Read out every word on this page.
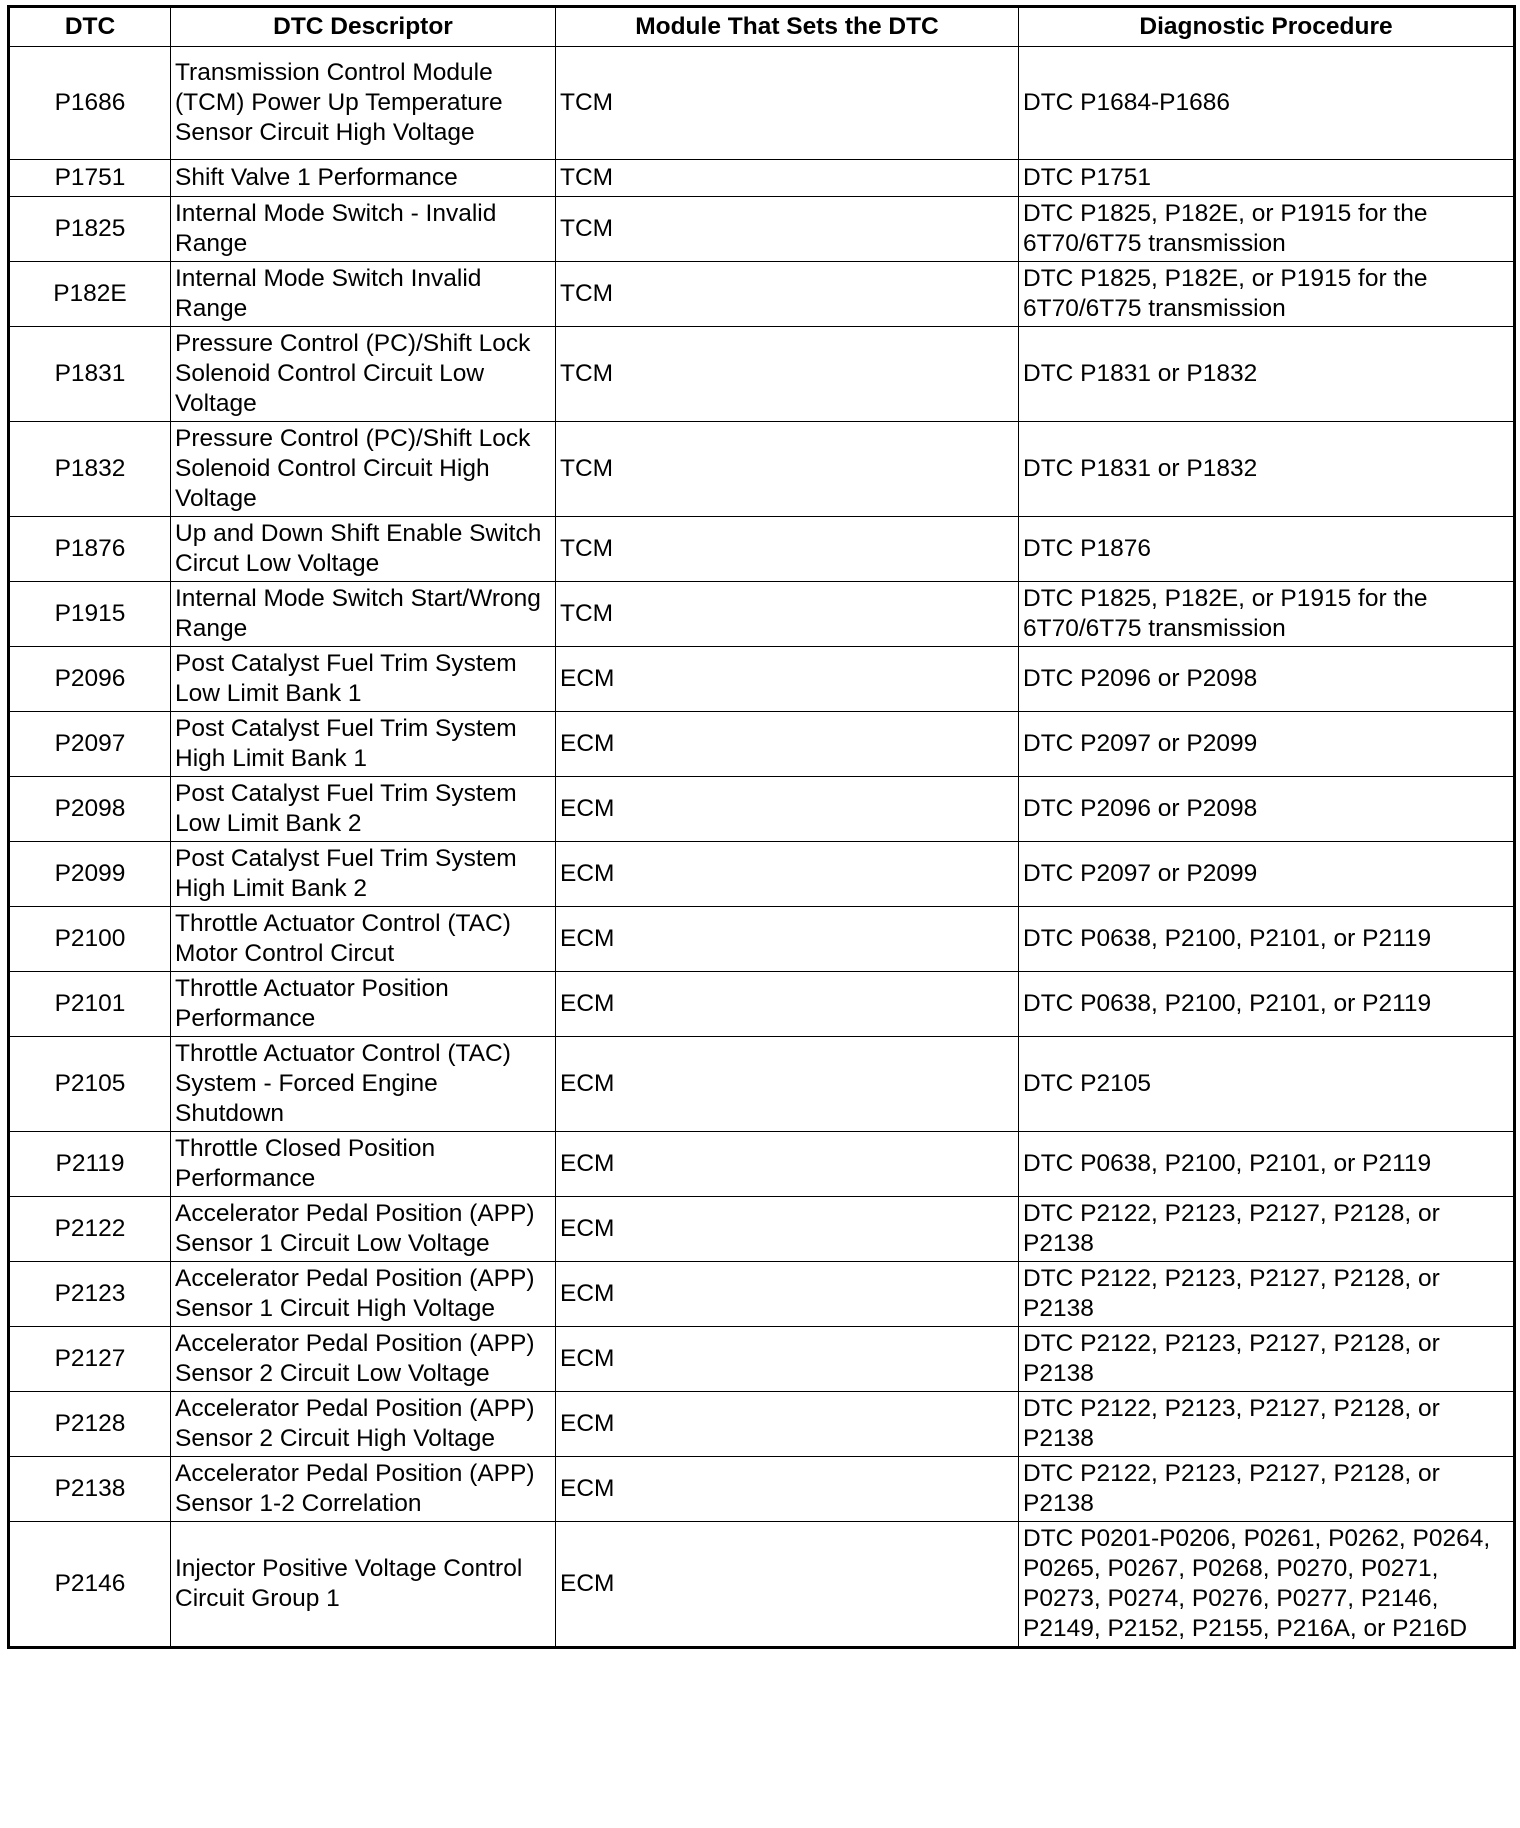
DTC	DTC Descriptor	Module That Sets the DTC	Diagnostic Procedure
P1686	Transmission Control Module (TCM) Power Up Temperature Sensor Circuit High Voltage	TCM	DTC P1684-P1686
P1751	Shift Valve 1 Performance	TCM	DTC P1751
P1825	Internal Mode Switch - Invalid Range	TCM	DTC P1825, P182E, or P1915 for the 6T70/6T75 transmission
P182E	Internal Mode Switch Invalid Range	TCM	DTC P1825, P182E, or P1915 for the 6T70/6T75 transmission
P1831	Pressure Control (PC)/Shift Lock Solenoid Control Circuit Low Voltage	TCM	DTC P1831 or P1832
P1832	Pressure Control (PC)/Shift Lock Solenoid Control Circuit High Voltage	TCM	DTC P1831 or P1832
P1876	Up and Down Shift Enable Switch Circut Low Voltage	TCM	DTC P1876
P1915	Internal Mode Switch Start/Wrong Range	TCM	DTC P1825, P182E, or P1915 for the 6T70/6T75 transmission
P2096	Post Catalyst Fuel Trim System Low Limit Bank 1	ECM	DTC P2096 or P2098
P2097	Post Catalyst Fuel Trim System High Limit Bank 1	ECM	DTC P2097 or P2099
P2098	Post Catalyst Fuel Trim System Low Limit Bank 2	ECM	DTC P2096 or P2098
P2099	Post Catalyst Fuel Trim System High Limit Bank 2	ECM	DTC P2097 or P2099
P2100	Throttle Actuator Control (TAC) Motor Control Circut	ECM	DTC P0638, P2100, P2101, or P2119
P2101	Throttle Actuator Position Performance	ECM	DTC P0638, P2100, P2101, or P2119
P2105	Throttle Actuator Control (TAC) System - Forced Engine Shutdown	ECM	DTC P2105
P2119	Throttle Closed Position Performance	ECM	DTC P0638, P2100, P2101, or P2119
P2122	Accelerator Pedal Position (APP) Sensor 1 Circuit Low Voltage	ECM	DTC P2122, P2123, P2127, P2128, or P2138
P2123	Accelerator Pedal Position (APP) Sensor 1 Circuit High Voltage	ECM	DTC P2122, P2123, P2127, P2128, or P2138
P2127	Accelerator Pedal Position (APP) Sensor 2 Circuit Low Voltage	ECM	DTC P2122, P2123, P2127, P2128, or P2138
P2128	Accelerator Pedal Position (APP) Sensor 2 Circuit High Voltage	ECM	DTC P2122, P2123, P2127, P2128, or P2138
P2138	Accelerator Pedal Position (APP) Sensor 1-2 Correlation	ECM	DTC P2122, P2123, P2127, P2128, or P2138
P2146	Injector Positive Voltage Control Circuit Group 1	ECM	DTC P0201-P0206, P0261, P0262, P0264, P0265, P0267, P0268, P0270, P0271, P0273, P0274, P0276, P0277, P2146, P2149, P2152, P2155, P216A, or P216D
